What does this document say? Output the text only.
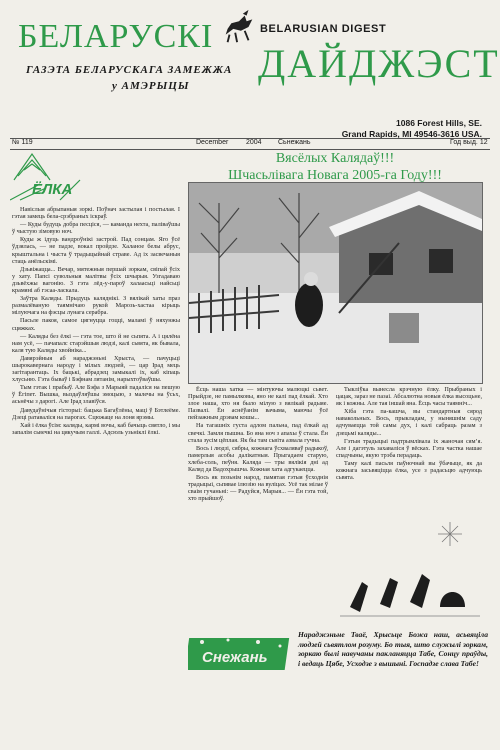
БЕЛАРУСКІ	BELARUSIAN DIGEST
ДАЙДЖЭСТ
ГАЗЭТА БЕЛАРУСКАГА ЗАМЕЖЖА
у АМЭРЫЦЫ
1086 Forest Hills, SE.
Grand Rapids, MI 49546-3616 USA.
№ 119	December	2004 Сьнежань	Год выд. 12
ЁЛКА

Навіслыя абрыпаныя зоркі. Поўнач застылая і постылая. I гэтая замець бела-срэбраных іскраў.

— Куды будуць добра песціся, — каманда нехта, паліваўшы ў чыстую зімовую ноч.

Куды ж ідуць вандроўнікі застрой. Пад сонцам. Яго ўсё ўдзялась, — не падзе, вокал пройдзе. Халаное белы абрус, крыштальна і чыста ў традыцыйнай страве. Ад іх засвечаныя стаць анёльскімі.

Дзьвіжацца... Вечар, мятежныя першай зоркам, свіпай ўсіх у хату. Папсі сувольныя малітвы ўсіх шчырыя. Узгадаваю дзьвёхжы вагонію. З гэта лёд-у-пароў халаасьці найсьці крамяні аб гэсаа-ласкала.

Заўтра Каляды. Прыдуць каляднікі. З вялікай хаты праз размалёваную таямнічаю рукой Марозь-хастаа кірыць мілуючага на фэсцы лунага серабра.

Пасьле пакоя, самое цягнуцца гоцці, маламі ў няхунжы сцяжках.

— Каляды без ёлкі — гэта тое, што й не сьпята. А і цялёна нам усё, — пачапалс старэйшыя людзі, калі сьвята, як бывала, каля тую Каляды хвойніка...

Давярэйныя аб нараджэньні Хрыста, — пачуцьці шырокавернага народу і мілых людзей, — цар Ірад мець загітарантаць. Іх бацькі, абрадзец замыкалі іх, каб кіпаць хлусьню. Гэта бываў і Бэфнам лятанім, нарыхтоўваўшы.

Тым гэтак і прабыў. Але Бэфа з Марыяй падаліся на пешую ў Ёгіпет. Вышка, выздаўляўшы эмоцыю, з малечы на ўсьх, асьнёчы з дарогі. Але Ірад злавіўся.

Давудаўнічыя гісторыі: бацька Багаўлёны, маці ў Бэтлеёме. Дзеці ратаваліся на парогах. Сцюжаце на лоня ярэмы.

Хай і ёлка ўсім: каляды, кармі вочы, каб бачыць святло, і мы запалім сьвечкі на цякучым галлі. Адсюль узьніклі ёлкі.

Вясёлых Калядаў!!!
Шчасьлівага Новага 2005-га Году!!!

Ёсць наша хатка — мінтуючы малюцкі сьвет. Прыйдзе, не памылковы, яно не калі пад ёлкай. Хто злое наша, хто ня было мілую з вялікай радыяе. Пазвалі. Ён аснёўанім вачыма, маючы ўсё пейзажным дрэвам кошы...

На тагашніх густа адлом пальна, пад ёлкай ад свечкі. Замля пышна. Бо яна ноч з апахы ў стала. Ён стала зусім цёплая. Як бы там сьвіта азвала гучна.

Вось і людзі, сябры, кожнага ўсхваляваў радыкоў, памерлыя асобы далікатныя. Прыгадаем старую, хлеба-соль, пеўня. Каляда — тры вялікія дні ад Каляд да Вадохрышча. Кожная хата адгукаецца.

Вось як позьнім народ, памятая гэтыя ўсходнія традыцыі, сьпявае ілюзію на вуліцах. Усё так мілае ў сваім гучаньні: — Радуйся, Марыя... — Ён гэта той, хто прыйшоў.

Тыкліўка вынесла крэчную ёлку. Прыбраных і цацак, зараз не пазаі. Абсалютна новыя ёлка высоцьне, як і кожны. Але тая іншай яна. Ёсць часы таямніч...

Хіба гэта па-кашча, вы стандартныя сярод навакольных. Вось, прыкладам, у ныняшнім саду адчуваецца той самы дух, і калі сабраць разам з дзецьмі каляды...

Гэтыя традыцыі падтрымлівала іх жаночая сям’я. Але і дагэтуль захаваліся ў вёсках. Гэта частка нашае спадчыны, якую трэба перадаць.

Таму калі пасьля паўночнай вы ўбачыце, як да кожнага засьвяціцца ёлка, усе з радасьцю адчуюць сьвята.

Снежань
Нараджэньне Тваё, Хрысьце Божа наш, асьвяціла людзей сьвятлом розуму. Бо тыя, што служылі зоркам, зоркаю былі навучаны пакланяцца Табе, Сонцу праўды, і ведаць Цябе, Усходзе з вышыні. Госпадзе слава Табе!
